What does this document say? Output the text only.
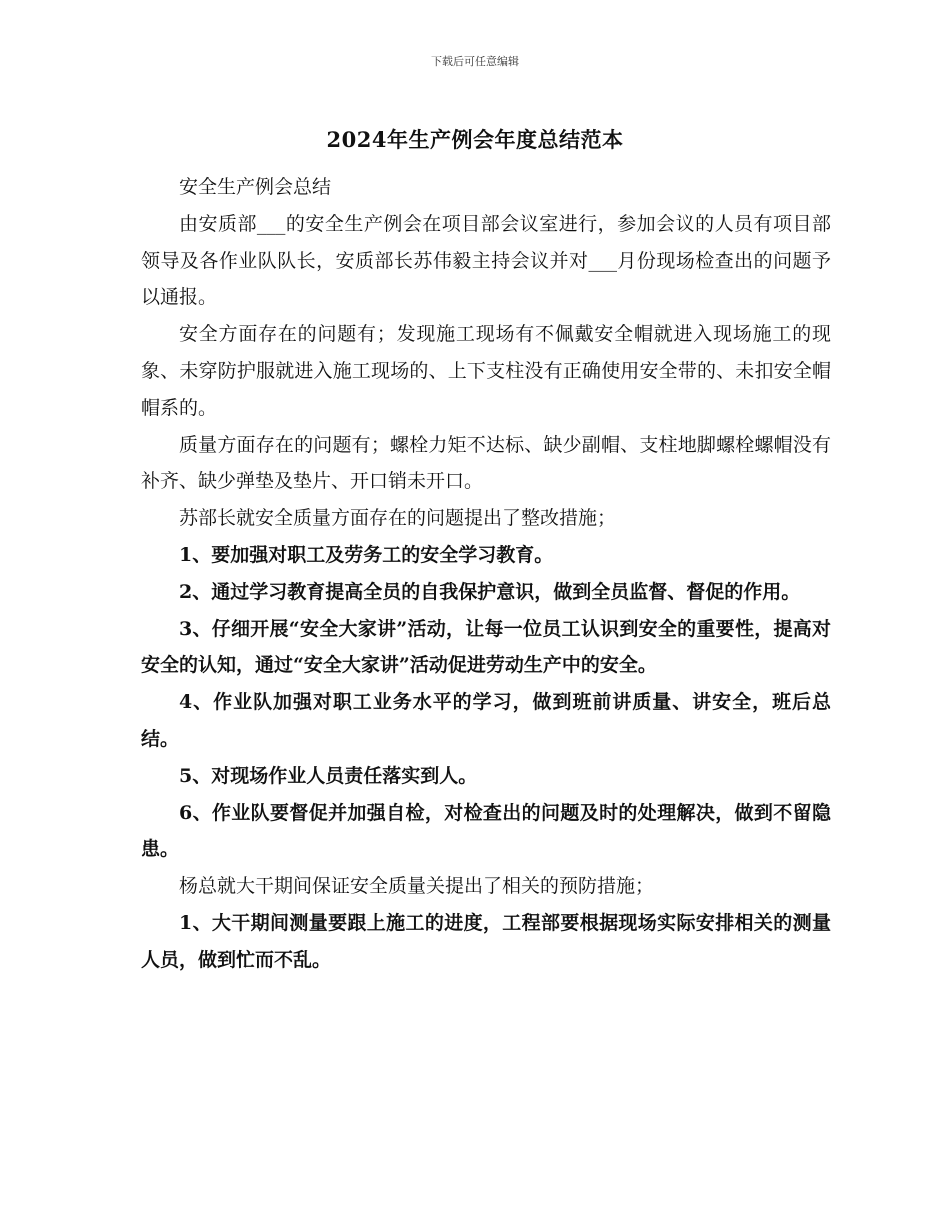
下载后可任意编辑
2024年生产例会年度总结范本

安全生产例会总结

由安质部___的安全生产例会在项目部会议室进行，参加会议的人员有项目部领导及各作业队队长，安质部长苏伟毅主持会议并对___月份现场检查出的问题予以通报。

安全方面存在的问题有；发现施工现场有不佩戴安全帽就进入现场施工的现象、未穿防护服就进入施工现场的、上下支柱没有正确使用安全带的、未扣安全帽帽系的。

质量方面存在的问题有；螺栓力矩不达标、缺少副帽、支柱地脚螺栓螺帽没有补齐、缺少弹垫及垫片、开口销未开口。

苏部长就安全质量方面存在的问题提出了整改措施；

1、要加强对职工及劳务工的安全学习教育。

2、通过学习教育提高全员的自我保护意识，做到全员监督、督促的作用。

3、仔细开展“安全大家讲”活动，让每一位员工认识到安全的重要性，提高对安全的认知，通过“安全大家讲”活动促进劳动生产中的安全。

4、作业队加强对职工业务水平的学习，做到班前讲质量、讲安全，班后总结。

5、对现场作业人员责任落实到人。

6、作业队要督促并加强自检，对检查出的问题及时的处理解决，做到不留隐患。

杨总就大干期间保证安全质量关提出了相关的预防措施；

1、大干期间测量要跟上施工的进度，工程部要根据现场实际安排相关的测量人员，做到忙而不乱。
